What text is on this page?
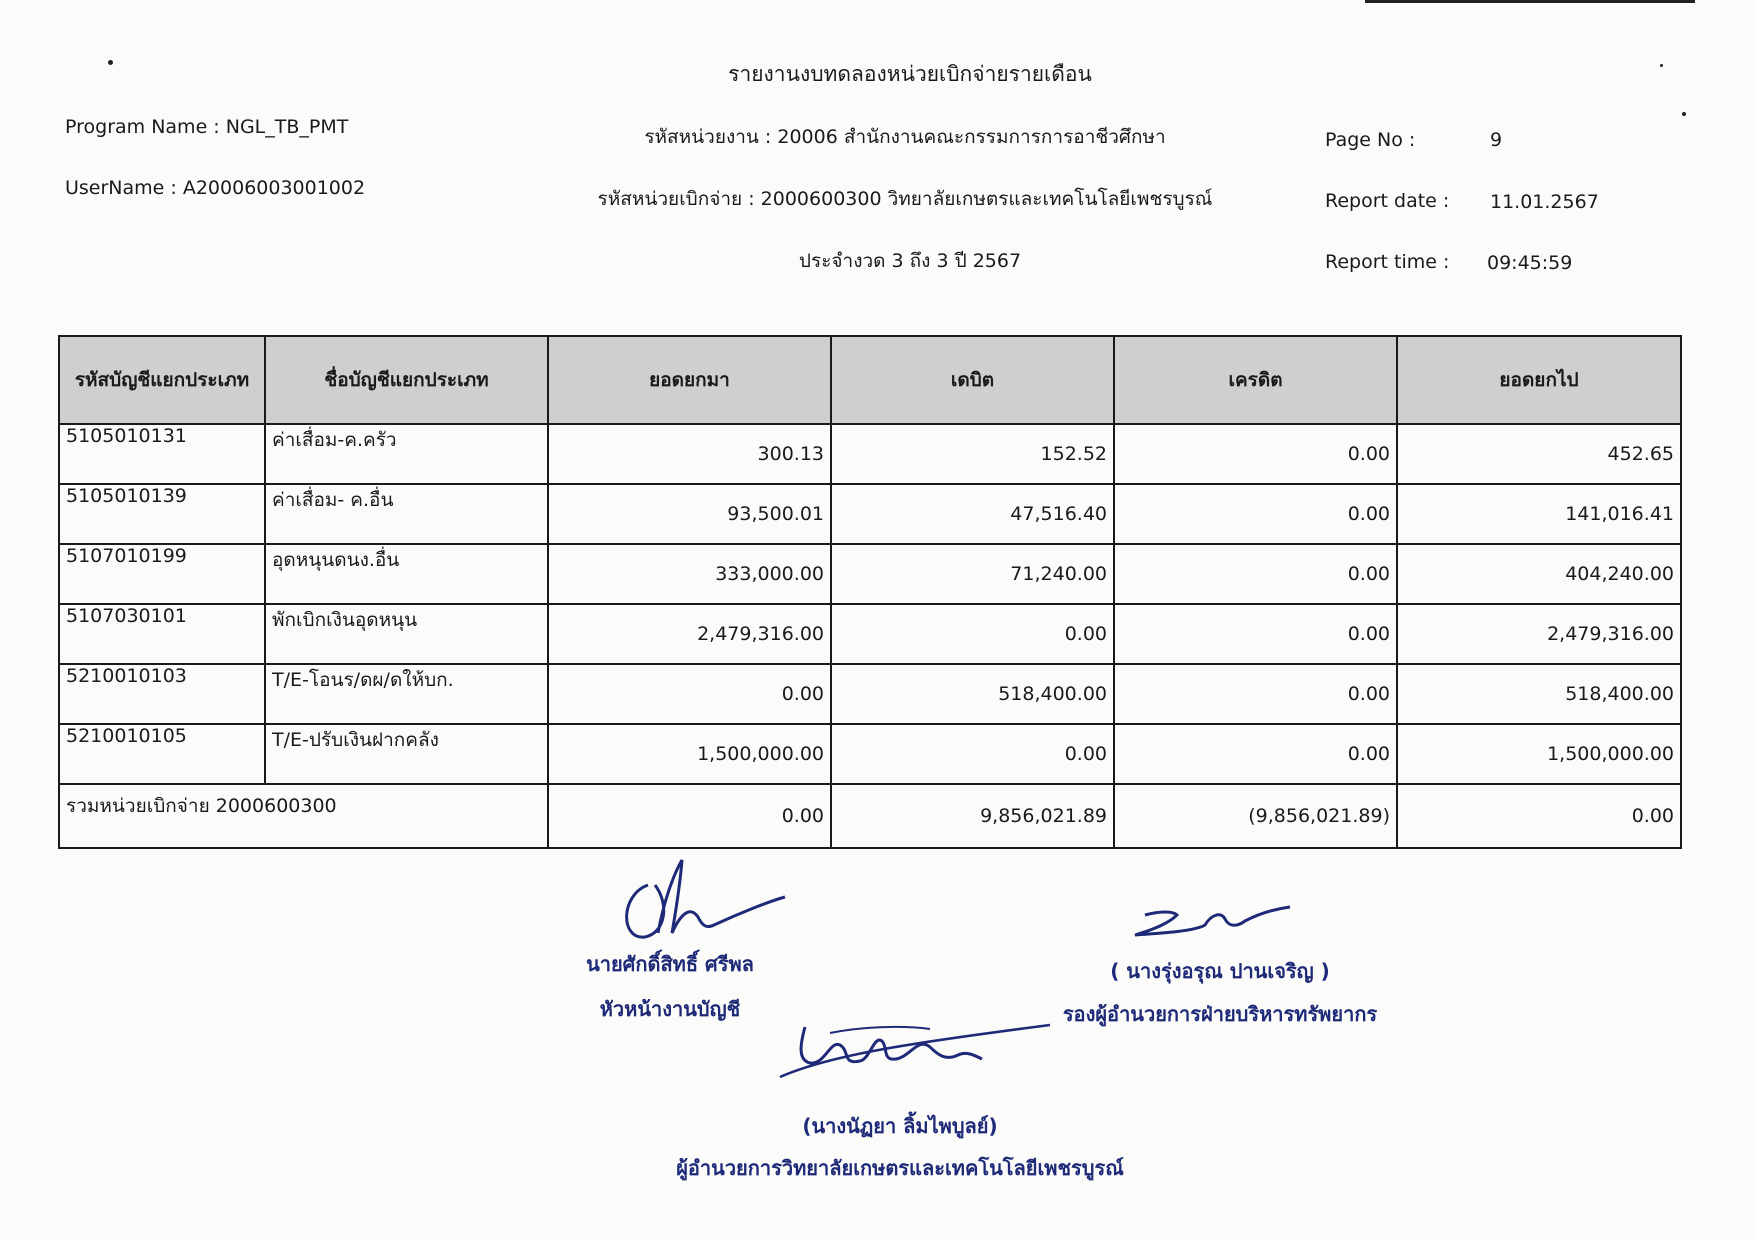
รายงานงบทดลองหน่วยเบิกจ่ายรายเดือน
Program Name : NGL_TB_PMT
UserName : A20006003001002
รหัสหน่วยงาน : 20006 สำนักงานคณะกรรมการการอาชีวศึกษา
รหัสหน่วยเบิกจ่าย : 2000600300 วิทยาลัยเกษตรและเทคโนโลยีเพชรบูรณ์
ประจำงวด 3 ถึง 3 ปี 2567
Page No :	9
Report date : 11.01.2567
Report time : 09:45:59
รหัสบัญชีแยกประเภท	ชื่อบัญชีแยกประเภท	ยอดยกมา	เดบิต	เครดิต	ยอดยกไป
5105010131	ค่าเสื่อม-ค.ครัว	300.13	152.52	0.00	452.65
5105010139	ค่าเสื่อม- ค.อื่น	93,500.01	47,516.40	0.00	141,016.41
5107010199	อุดหนุนดนง.อื่น	333,000.00	71,240.00	0.00	404,240.00
5107030101	พักเบิกเงินอุดหนุน	2,479,316.00	0.00	0.00	2,479,316.00
5210010103	T/E-โอนร/ดผ/ดให้บก.	0.00	518,400.00	0.00	518,400.00
5210010105	T/E-ปรับเงินฝากคลัง	1,500,000.00	0.00	0.00	1,500,000.00
รวมหน่วยเบิกจ่าย 2000600300		0.00	9,856,021.89	(9,856,021.89)	0.00
นายศักดิ์สิทธิ์ ศรีพล
หัวหน้างานบัญชี
( นางรุ่งอรุณ ปานเจริญ )
รองผู้อำนวยการฝ่ายบริหารทรัพยากร
(นางนัฏยา ลิ้มไพบูลย์)
ผู้อำนวยการวิทยาลัยเกษตรและเทคโนโลยีเพชรบูรณ์
